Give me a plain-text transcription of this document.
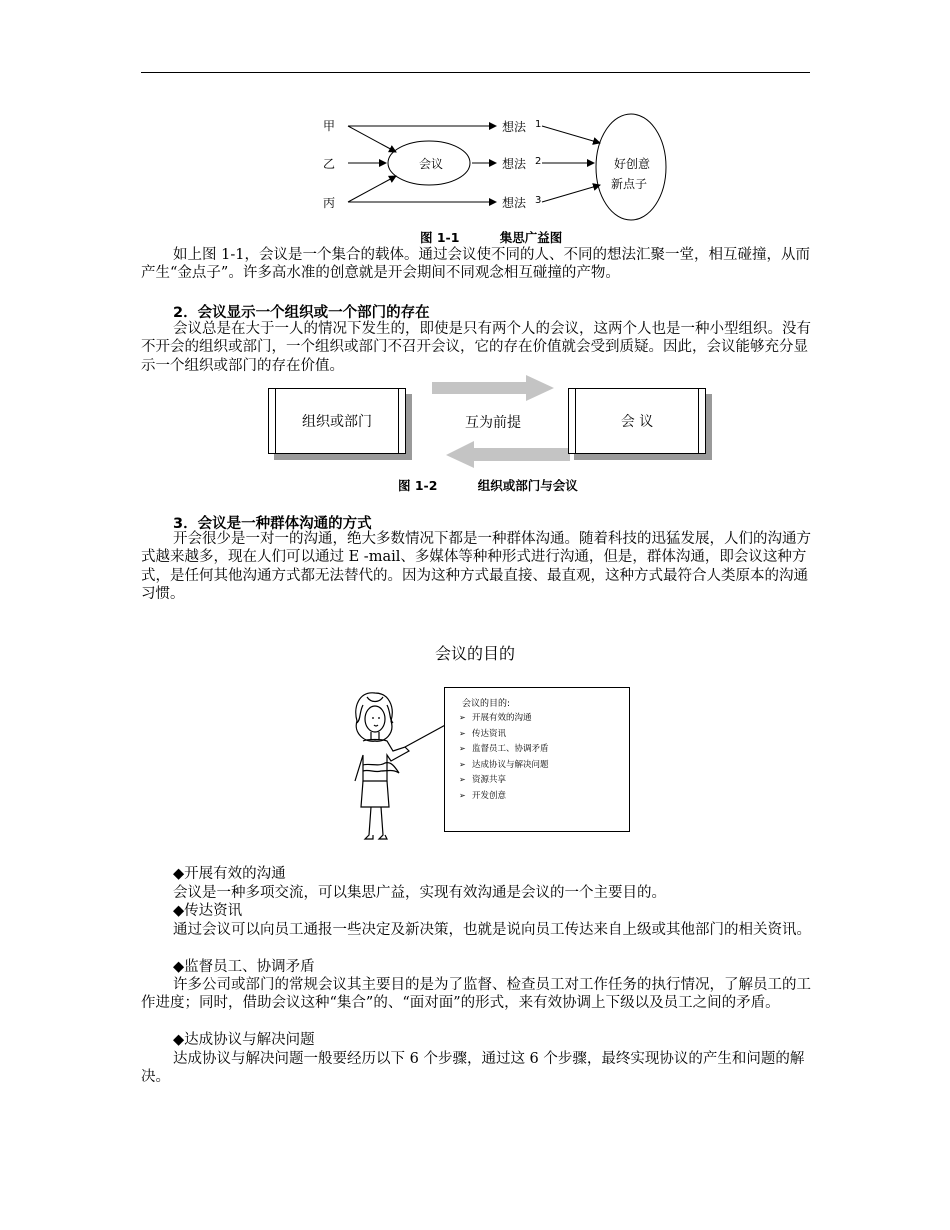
甲
乙
丙
会议
想法 1
想法 2
想法 3
好创意
新点子
图 1-1	集思广益图

如上图 1-1，会议是一个集合的载体。通过会议使不同的人、不同的想法汇聚一堂，相互碰撞，从而产生“金点子”。许多高水准的创意就是开会期间不同观念相互碰撞的产物。

2．会议显示一个组织或一个部门的存在

会议总是在大于一人的情况下发生的，即使是只有两个人的会议，这两个人也是一种小型组织。没有不开会的组织或部门，一个组织或部门不召开会议，它的存在价值就会受到质疑。因此，会议能够充分显示一个组织或部门的存在价值。

组织或部门	会 议
互为前提
图 1-2	组织或部门与会议
3．会议是一种群体沟通的方式

开会很少是一对一的沟通，绝大多数情况下都是一种群体沟通。随着科技的迅猛发展，人们的沟通方式越来越多，现在人们可以通过 E -mail、多媒体等种种形式进行沟通，但是，群体沟通，即会议这种方式，是任何其他沟通方式都无法替代的。因为这种方式最直接、最直观，这种方式最符合人类原本的沟通习惯。

会议的目的
会议的目的:
➢ 开展有效的沟通
➢ 传达资讯
➢ 监督员工、协调矛盾
➢ 达成协议与解决问题
➢ 资源共享
➢ 开发创意

◆开展有效的沟通

会议是一种多项交流，可以集思广益，实现有效沟通是会议的一个主要目的。

◆传达资讯

通过会议可以向员工通报一些决定及新决策，也就是说向员工传达来自上级或其他部门的相关资讯。

◆监督员工、协调矛盾

许多公司或部门的常规会议其主要目的是为了监督、检查员工对工作任务的执行情况，了解员工的工作进度；同时，借助会议这种“集合”的、“面对面”的形式，来有效协调上下级以及员工之间的矛盾。

◆达成协议与解决问题

达成协议与解决问题一般要经历以下 6 个步骤，通过这 6 个步骤，最终实现协议的产生和问题的解决。
